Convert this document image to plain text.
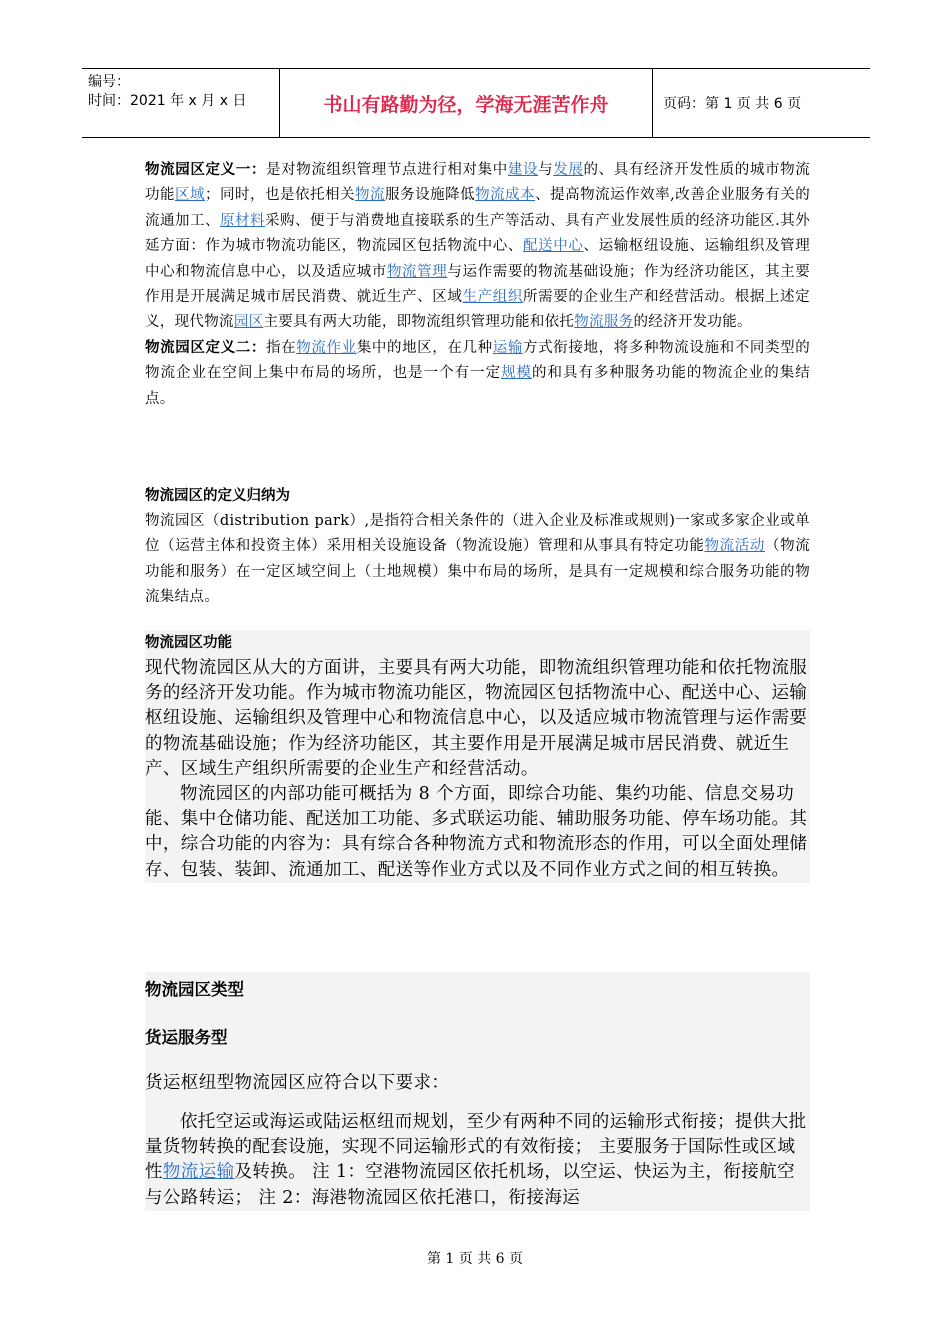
编号：
时间：2021 年 x 月 x 日	书山有路勤为径，学海无涯苦作舟	页码：第 1 页 共 6 页

物流园区定义一：是对物流组织管理节点进行相对集中建设与发展的、具有经济开发性质的城市物流功能区域；同时，也是依托相关物流服务设施降低物流成本、提高物流运作效率,改善企业服务有关的流通加工、原材料采购、便于与消费地直接联系的生产等活动、具有产业发展性质的经济功能区.其外延方面：作为城市物流功能区，物流园区包括物流中心、配送中心、运输枢纽设施、运输组织及管理中心和物流信息中心，以及适应城市物流管理与运作需要的物流基础设施；作为经济功能区，其主要作用是开展满足城市居民消费、就近生产、区域生产组织所需要的企业生产和经营活动。根据上述定义，现代物流园区主要具有两大功能，即物流组织管理功能和依托物流服务的经济开发功能。

物流园区定义二：指在物流作业集中的地区，在几种运输方式衔接地，将多种物流设施和不同类型的物流企业在空间上集中布局的场所，也是一个有一定规模的和具有多种服务功能的物流企业的集结点。

物流园区的定义归纳为

物流园区（distribution park）,是指符合相关条件的（进入企业及标准或规则)一家或多家企业或单位（运营主体和投资主体）采用相关设施设备（物流设施）管理和从事具有特定功能物流活动（物流功能和服务）在一定区域空间上（土地规模）集中布局的场所，是具有一定规模和综合服务功能的物流集结点。

物流园区功能

现代物流园区从大的方面讲，主要具有两大功能，即物流组织管理功能和依托物流服务的经济开发功能。作为城市物流功能区，物流园区包括物流中心、配送中心、运输枢纽设施、运输组织及管理中心和物流信息中心，以及适应城市物流管理与运作需要的物流基础设施；作为经济功能区，其主要作用是开展满足城市居民消费、就近生产、区域生产组织所需要的企业生产和经营活动。

物流园区的内部功能可概括为 8 个方面，即综合功能、集约功能、信息交易功能、集中仓储功能、配送加工功能、多式联运功能、辅助服务功能、停车场功能。其中，综合功能的内容为：具有综合各种物流方式和物流形态的作用，可以全面处理储存、包装、装卸、流通加工、配送等作业方式以及不同作业方式之间的相互转换。

物流园区类型

货运服务型

货运枢纽型物流园区应符合以下要求：

依托空运或海运或陆运枢纽而规划，至少有两种不同的运输形式衔接；提供大批量货物转换的配套设施，实现不同运输形式的有效衔接； 主要服务于国际性或区域性物流运输及转换。 注 1：空港物流园区依托机场，以空运、快运为主，衔接航空与公路转运； 注 2：海港物流园区依托港口，衔接海运

第 1 页 共 6 页
